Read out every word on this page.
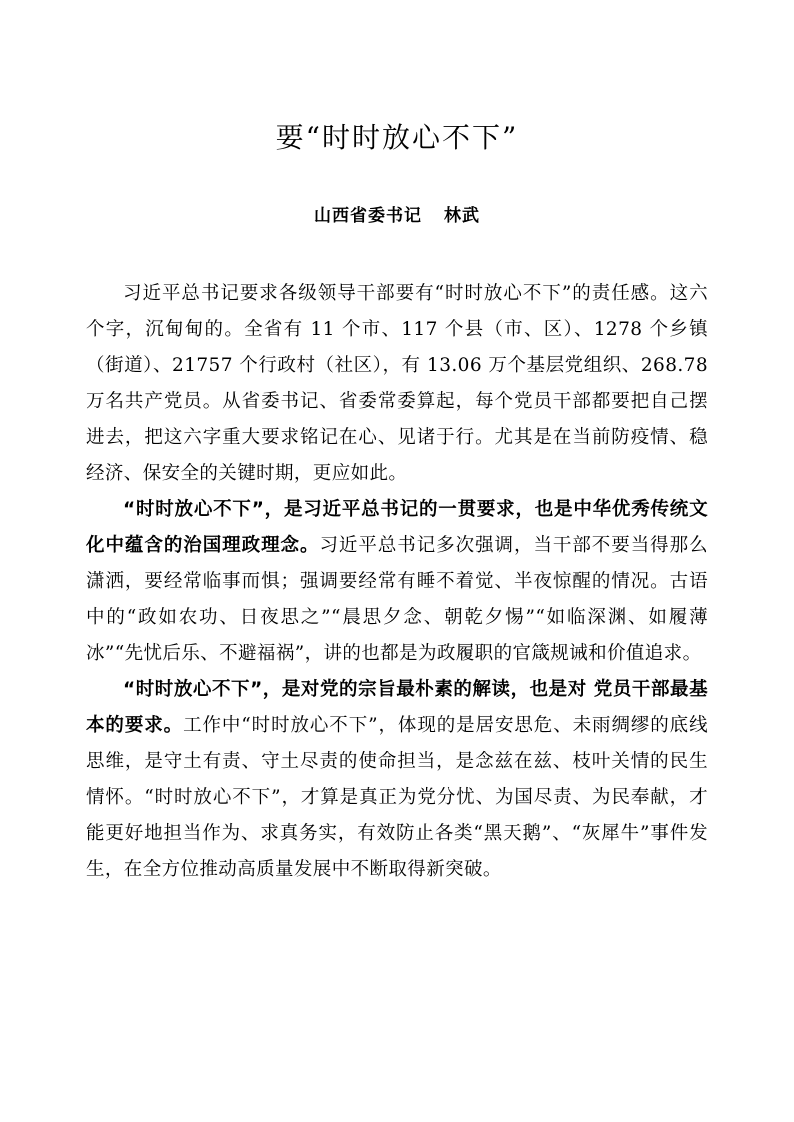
要“时时放心不下”
山西省委书记 林武

习近平总书记要求各级领导干部要有“时时放心不下”的责任感。这六个字，沉甸甸的。全省有 11 个市、117 个县（市、区）、1278 个乡镇（街道）、21757 个行政村（社区），有 13.06 万个基层党组织、268.78 万名共产党员。从省委书记、省委常委算起，每个党员干部都要把自己摆进去，把这六字重大要求铭记在心、见诸于行。尤其是在当前防疫情、稳经济、保安全的关键时期，更应如此。

“时时放心不下”，是习近平总书记的一贯要求，也是中华优秀传统文化中蕴含的治国理政理念。习近平总书记多次强调，当干部不要当得那么潇洒，要经常临事而惧；强调要经常有睡不着觉、半夜惊醒的情况。古语中的“政如农功、日夜思之”“晨思夕念、朝乾夕惕”“如临深渊、如履薄冰”“先忧后乐、不避福祸”，讲的也都是为政履职的官箴规诫和价值追求。

“时时放心不下”，是对党的宗旨最朴素的解读，也是对 党员干部最基本的要求。工作中“时时放心不下”，体现的是居安思危、未雨绸缪的底线思维，是守土有责、守土尽责的使命担当，是念兹在兹、枝叶关情的民生情怀。“时时放心不下”，才算是真正为党分忧、为国尽责、为民奉献，才能更好地担当作为、求真务实，有效防止各类“黑天鹅”、“灰犀牛”事件发生，在全方位推动高质量发展中不断取得新突破。
